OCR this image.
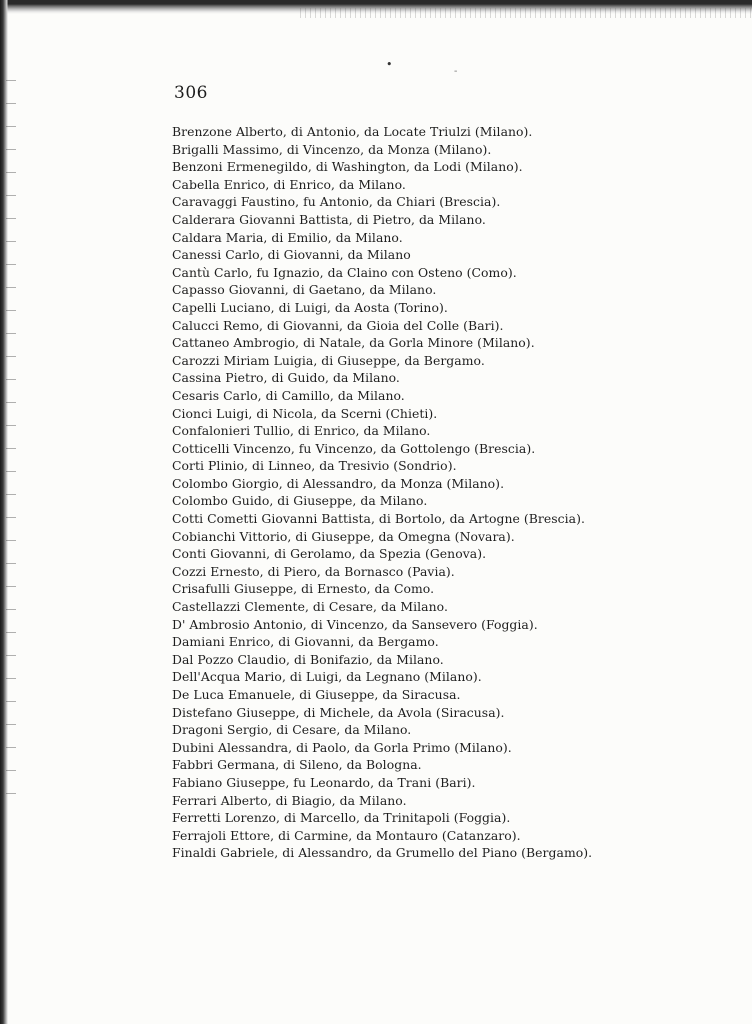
•
-
306
Brenzone Alberto, di Antonio, da Locate Triulzi (Milano).
Brigalli Massimo, di Vincenzo, da Monza (Milano).
Benzoni Ermenegildo, di Washington, da Lodi (Milano).
Cabella Enrico, di Enrico, da Milano.
Caravaggi Faustino, fu Antonio, da Chiari (Brescia).
Calderara Giovanni Battista, di Pietro, da Milano.
Caldara Maria, di Emilio, da Milano.
Canessi Carlo, di Giovanni, da Milano
Cantù Carlo, fu Ignazio, da Claino con Osteno (Como).
Capasso Giovanni, di Gaetano, da Milano.
Capelli Luciano, di Luigi, da Aosta (Torino).
Calucci Remo, di Giovanni, da Gioia del Colle (Bari).
Cattaneo Ambrogio, di Natale, da Gorla Minore (Milano).
Carozzi Miriam Luigia, di Giuseppe, da Bergamo.
Cassina Pietro, di Guido, da Milano.
Cesaris Carlo, di Camillo, da Milano.
Cionci Luigi, di Nicola, da Scerni (Chieti).
Confalonieri Tullio, di Enrico, da Milano.
Cotticelli Vincenzo, fu Vincenzo, da Gottolengo (Brescia).
Corti Plinio, di Linneo, da Tresivio (Sondrio).
Colombo Giorgio, di Alessandro, da Monza (Milano).
Colombo Guido, di Giuseppe, da Milano.
Cotti Cometti Giovanni Battista, di Bortolo, da Artogne (Brescia).
Cobianchi Vittorio, di Giuseppe, da Omegna (Novara).
Conti Giovanni, di Gerolamo, da Spezia (Genova).
Cozzi Ernesto, di Piero, da Bornasco (Pavia).
Crisafulli Giuseppe, di Ernesto, da Como.
Castellazzi Clemente, di Cesare, da Milano.
D' Ambrosio Antonio, di Vincenzo, da Sansevero (Foggia).
Damiani Enrico, di Giovanni, da Bergamo.
Dal Pozzo Claudio, di Bonifazio, da Milano.
Dell'Acqua Mario, di Luigi, da Legnano (Milano).
De Luca Emanuele, di Giuseppe, da Siracusa.
Distefano Giuseppe, di Michele, da Avola (Siracusa).
Dragoni Sergio, di Cesare, da Milano.
Dubini Alessandra, di Paolo, da Gorla Primo (Milano).
Fabbri Germana, di Sileno, da Bologna.
Fabiano Giuseppe, fu Leonardo, da Trani (Bari).
Ferrari Alberto, di Biagio, da Milano.
Ferretti Lorenzo, di Marcello, da Trinitapoli (Foggia).
Ferrajoli Ettore, di Carmine, da Montauro (Catanzaro).
Finaldi Gabriele, di Alessandro, da Grumello del Piano (Bergamo).
